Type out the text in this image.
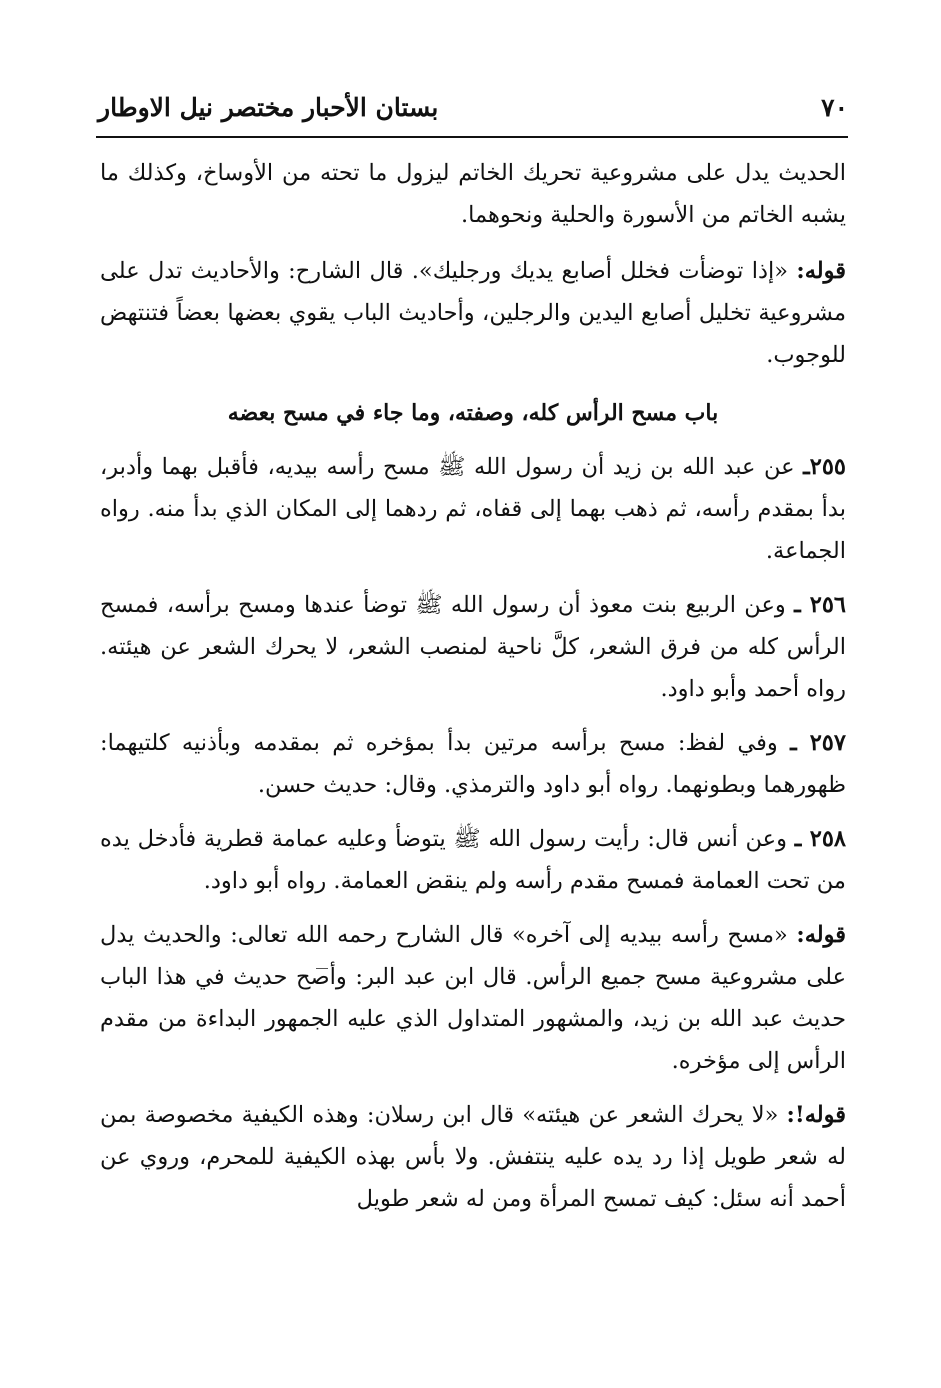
٧٠
بستان الأحبار مختصر نيل الاوطار

الحديث يدل على مشروعية تحريك الخاتم ليزول ما تحته من الأوساخ، وكذلك ما يشبه الخاتم من الأسورة والحلية ونحوهما.

قوله: «إذا توضأت فخلل أصابع يديك ورجليك». قال الشارح: والأحاديث تدل على مشروعية تخليل أصابع اليدين والرجلين، وأحاديث الباب يقوي بعضها بعضاً فتنتهض للوجوب.

باب مسح الرأس كله، وصفته، وما جاء في مسح بعضه

٢٥٥ـ عن عبد الله بن زيد أن رسول الله ﷺ مسح رأسه بيديه، فأقبل بهما وأدبر، بدأ بمقدم رأسه، ثم ذهب بهما إلى قفاه، ثم ردهما إلى المكان الذي بدأ منه. رواه الجماعة.

٢٥٦ ـ وعن الربيع بنت معوذ أن رسول الله ﷺ توضأ عندها ومسح برأسه، فمسح الرأس كله من فرق الشعر، كلَّ ناحية لمنصب الشعر، لا يحرك الشعر عن هيئته. رواه أحمد وأبو داود.

٢٥٧ ـ وفي لفظ: مسح برأسه مرتين بدأ بمؤخره ثم بمقدمه وبأذنيه كلتيهما: ظهورهما وبطونهما. رواه أبو داود والترمذي. وقال: حديث حسن.

٢٥٨ ـ وعن أنس قال: رأيت رسول الله ﷺ يتوضأ وعليه عمامة قطرية فأدخل يده من تحت العمامة فمسح مقدم رأسه ولم ينقض العمامة. رواه أبو داود.

قوله: «مسح رأسه بيديه إلى آخره» قال الشارح رحمه الله تعالى: والحديث يدل على مشروعية مسح جميع الرأس. قال ابن عبد البر: وأصح حديث في هذا الباب حديث عبد الله بن زيد، والمشهور المتداول الذي عليه الجمهور البداءة من مقدم الرأس إلى مؤخره.

قوله!: «لا يحرك الشعر عن هيئته» قال ابن رسلان: وهذه الكيفية مخصوصة بمن له شعر طويل إذا رد يده عليه ينتفش. ولا بأس بهذه الكيفية للمحرم، وروي عن أحمد أنه سئل: كيف تمسح المرأة ومن له شعر طويل
